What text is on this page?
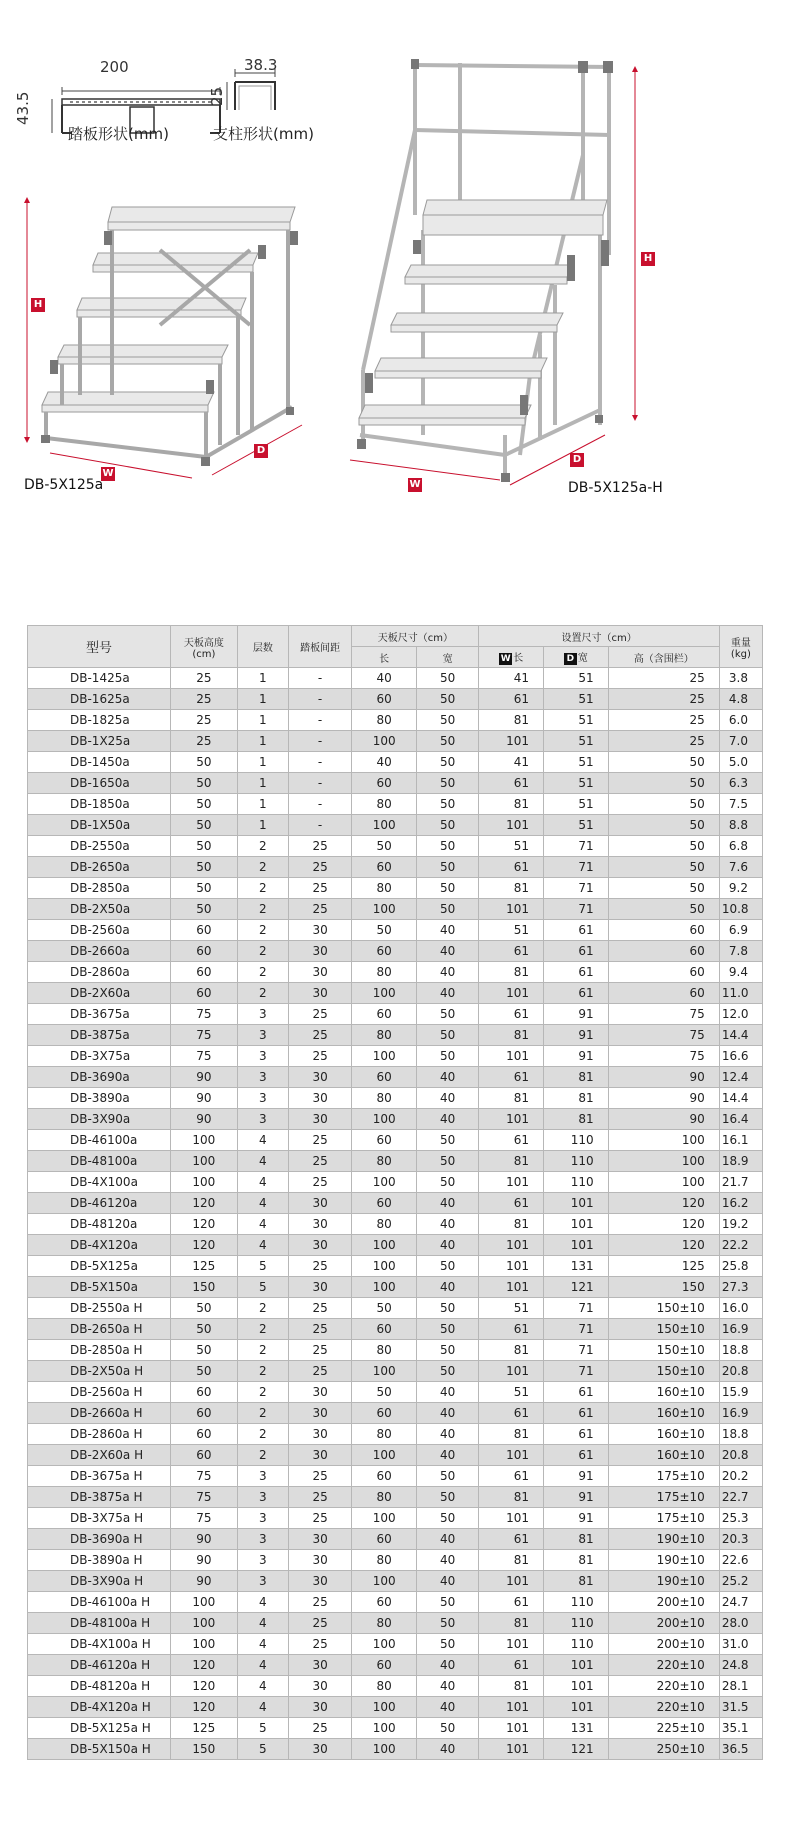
200
43.5
踏板形状(mm)
38.3
25
支柱形状(mm)
H
W
D
DB-5X125a
H
W
D
DB-5X125a-H
型号	天板高度
(cm)	层数	踏板间距	天板尺寸（cm）		设置尺寸（cm）			重量
(kg)
				长	宽	W 长	D 宽	高（含围栏）	
DB-1425a	25	1	-	40	50	41	51	25	3.8
DB-1625a	25	1	-	60	50	61	51	25	4.8
DB-1825a	25	1	-	80	50	81	51	25	6.0
DB-1X25a	25	1	-	100	50	101	51	25	7.0
DB-1450a	50	1	-	40	50	41	51	50	5.0
DB-1650a	50	1	-	60	50	61	51	50	6.3
DB-1850a	50	1	-	80	50	81	51	50	7.5
DB-1X50a	50	1	-	100	50	101	51	50	8.8
DB-2550a	50	2	25	50	50	51	71	50	6.8
DB-2650a	50	2	25	60	50	61	71	50	7.6
DB-2850a	50	2	25	80	50	81	71	50	9.2
DB-2X50a	50	2	25	100	50	101	71	50	10.8
DB-2560a	60	2	30	50	40	51	61	60	6.9
DB-2660a	60	2	30	60	40	61	61	60	7.8
DB-2860a	60	2	30	80	40	81	61	60	9.4
DB-2X60a	60	2	30	100	40	101	61	60	11.0
DB-3675a	75	3	25	60	50	61	91	75	12.0
DB-3875a	75	3	25	80	50	81	91	75	14.4
DB-3X75a	75	3	25	100	50	101	91	75	16.6
DB-3690a	90	3	30	60	40	61	81	90	12.4
DB-3890a	90	3	30	80	40	81	81	90	14.4
DB-3X90a	90	3	30	100	40	101	81	90	16.4
DB-46100a	100	4	25	60	50	61	110	100	16.1
DB-48100a	100	4	25	80	50	81	110	100	18.9
DB-4X100a	100	4	25	100	50	101	110	100	21.7
DB-46120a	120	4	30	60	40	61	101	120	16.2
DB-48120a	120	4	30	80	40	81	101	120	19.2
DB-4X120a	120	4	30	100	40	101	101	120	22.2
DB-5X125a	125	5	25	100	50	101	131	125	25.8
DB-5X150a	150	5	30	100	40	101	121	150	27.3
DB-2550a H	50	2	25	50	50	51	71	150±10	16.0
DB-2650a H	50	2	25	60	50	61	71	150±10	16.9
DB-2850a H	50	2	25	80	50	81	71	150±10	18.8
DB-2X50a H	50	2	25	100	50	101	71	150±10	20.8
DB-2560a H	60	2	30	50	40	51	61	160±10	15.9
DB-2660a H	60	2	30	60	40	61	61	160±10	16.9
DB-2860a H	60	2	30	80	40	81	61	160±10	18.8
DB-2X60a H	60	2	30	100	40	101	61	160±10	20.8
DB-3675a H	75	3	25	60	50	61	91	175±10	20.2
DB-3875a H	75	3	25	80	50	81	91	175±10	22.7
DB-3X75a H	75	3	25	100	50	101	91	175±10	25.3
DB-3690a H	90	3	30	60	40	61	81	190±10	20.3
DB-3890a H	90	3	30	80	40	81	81	190±10	22.6
DB-3X90a H	90	3	30	100	40	101	81	190±10	25.2
DB-46100a H	100	4	25	60	50	61	110	200±10	24.7
DB-48100a H	100	4	25	80	50	81	110	200±10	28.0
DB-4X100a H	100	4	25	100	50	101	110	200±10	31.0
DB-46120a H	120	4	30	60	40	61	101	220±10	24.8
DB-48120a H	120	4	30	80	40	81	101	220±10	28.1
DB-4X120a H	120	4	30	100	40	101	101	220±10	31.5
DB-5X125a H	125	5	25	100	50	101	131	225±10	35.1
DB-5X150a H	150	5	30	100	40	101	121	250±10	36.5
